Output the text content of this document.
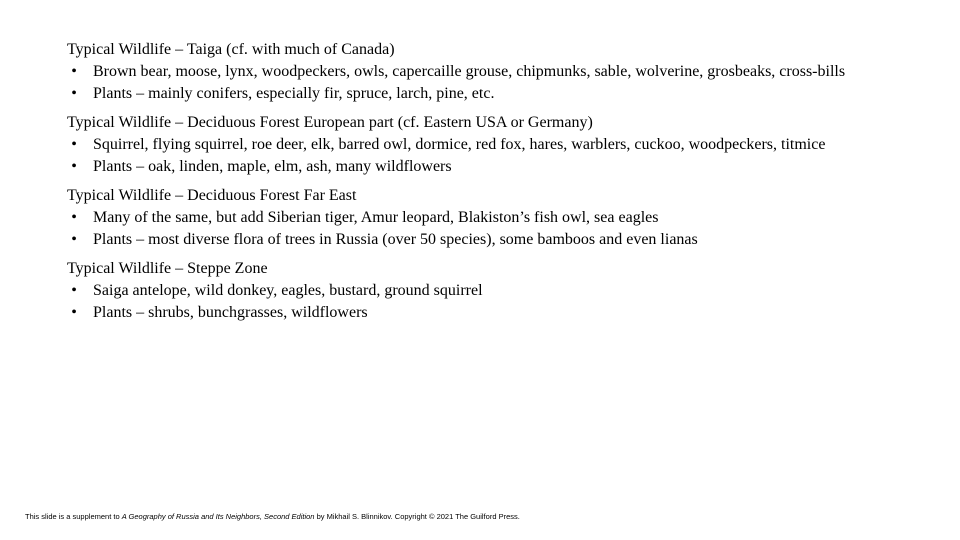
Typical Wildlife – Taiga (cf. with much of Canada)
• Brown bear, moose, lynx, woodpeckers, owls, capercaille grouse, chipmunks, sable, wolverine, grosbeaks, cross-bills
• Plants – mainly conifers, especially fir, spruce, larch, pine, etc.
Typical Wildlife – Deciduous Forest European part (cf. Eastern USA or Germany)
• Squirrel, flying squirrel, roe deer, elk, barred owl, dormice, red fox, hares, warblers, cuckoo, woodpeckers, titmice
• Plants – oak, linden, maple, elm, ash, many wildflowers
Typical Wildlife – Deciduous Forest Far East
• Many of the same, but add Siberian tiger, Amur leopard, Blakiston’s fish owl, sea eagles
• Plants – most diverse flora of trees in Russia (over 50 species), some bamboos and even lianas
Typical Wildlife – Steppe Zone
• Saiga antelope, wild donkey, eagles, bustard, ground squirrel
• Plants – shrubs, bunchgrasses, wildflowers
This slide is a supplement to A Geography of Russia and Its Neighbors, Second Edition by Mikhail S. Blinnikov. Copyright © 2021 The Guilford Press.
